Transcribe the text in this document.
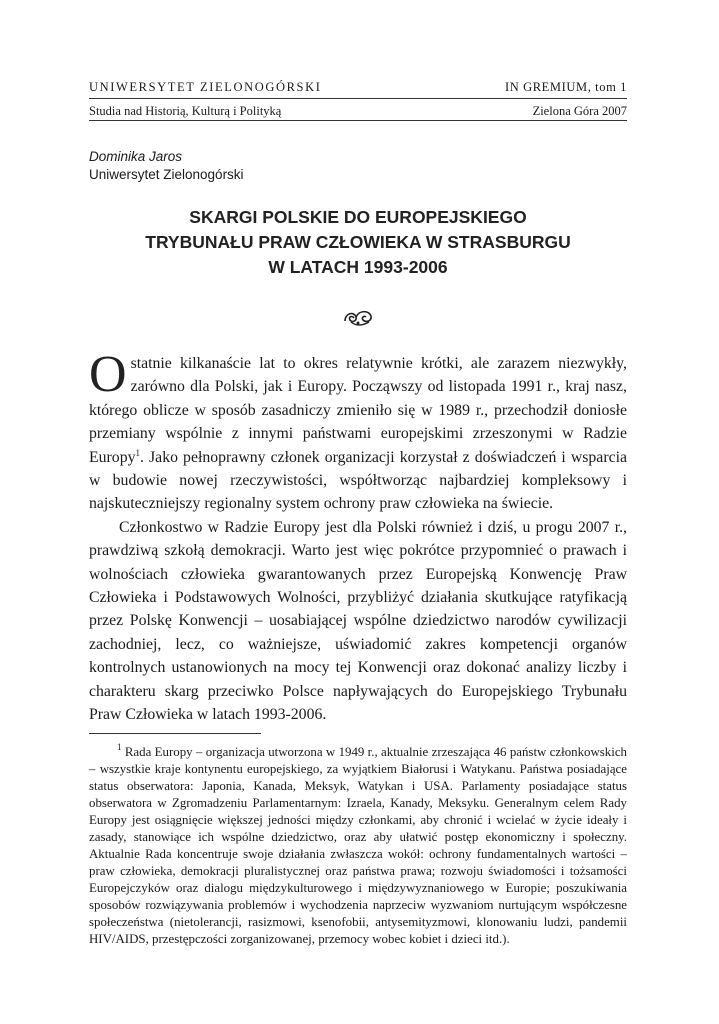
UNIWERSYTET ZIELONOGÓRSKI	IN GREMIUM, tom 1
Studia nad Historią, Kulturą i Polityką	Zielona Góra 2007
Dominika Jaros
Uniwersytet Zielonogórski
SKARGI POLSKIE DO EUROPEJSKIEGO
TRYBUNAŁU PRAW CZŁOWIEKA W STRASBURGU
W LATACH 1993-2006

Ostatnie kilkanaście lat to okres relatywnie krótki, ale zarazem niezwykły, zarówno dla Polski, jak i Europy. Począwszy od listopada 1991 r., kraj nasz, którego oblicze w sposób zasadniczy zmieniło się w 1989 r., przechodził doniosłe przemiany wspólnie z innymi państwami europejskimi zrzeszonymi w Radzie Europy$^1$. Jako pełnoprawny członek organizacji korzystał z doświadczeń i wsparcia w budowie nowej rzeczywistości, współtworząc najbardziej kompleksowy i najskuteczniejszy regionalny system ochrony praw człowieka na świecie.

Członkostwo w Radzie Europy jest dla Polski również i dziś, u progu 2007 r., prawdziwą szkołą demokracji. Warto jest więc pokrótce przypomnieć o prawach i wolnościach człowieka gwarantowanych przez Europejską Konwencję Praw Człowieka i Podstawowych Wolności, przybliżyć działania skutkujące ratyfikacją przez Polskę Konwencji – uosabiającej wspólne dziedzictwo narodów cywilizacji zachodniej, lecz, co ważniejsze, uświadomić zakres kompetencji organów kontrolnych ustanowionych na mocy tej Konwencji oraz dokonać analizy liczby i charakteru skarg przeciwko Polsce napływających do Europejskiego Trybunału Praw Człowieka w latach 1993-2006.

$^1$ Rada Europy – organizacja utworzona w 1949 r., aktualnie zrzeszająca 46 państw członkowskich – wszystkie kraje kontynentu europejskiego, za wyjątkiem Białorusi i Watykanu. Państwa posiadające status obserwatora: Japonia, Kanada, Meksyk, Watykan i USA. Parlamenty posiadające status obserwatora w Zgromadzeniu Parlamentarnym: Izraela, Kanady, Meksyku. Generalnym celem Rady Europy jest osiągnięcie większej jedności między członkami, aby chronić i wcielać w życie ideały i zasady, stanowiące ich wspólne dziedzictwo, oraz aby ułatwić postęp ekonomiczny i społeczny. Aktualnie Rada koncentruje swoje działania zwłaszcza wokół: ochrony fundamentalnych wartości – praw człowieka, demokracji pluralistycznej oraz państwa prawa; rozwoju świadomości i tożsamości Europejczyków oraz dialogu międzykulturowego i międzywyznaniowego w Europie; poszukiwania sposobów rozwiązywania problemów i wychodzenia naprzeciw wyzwaniom nurtującym współczesne społeczeństwa (nietolerancji, rasizmowi, ksenofobii, antysemityzmowi, klonowaniu ludzi, pandemii HIV/AIDS, przestępczości zorganizowanej, przemocy wobec kobiet i dzieci itd.).
